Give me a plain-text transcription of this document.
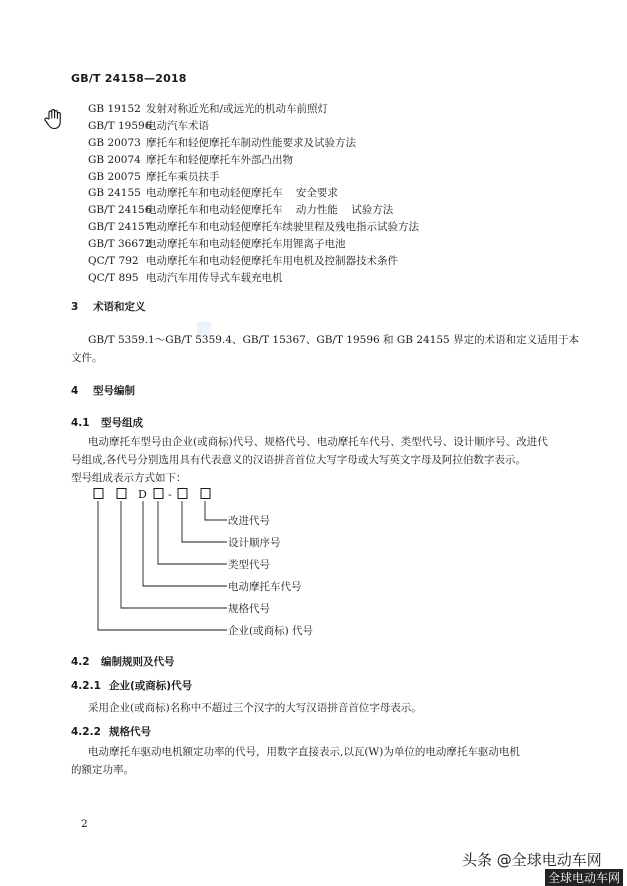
GB/T 24158—2018
GB 19152 发射对称近光和/或远光的机动车前照灯
GB/T 19596电动汽车术语
GB 20073 摩托车和轻便摩托车制动性能要求及试验方法
GB 20074 摩托车和轻便摩托车外部凸出物
GB 20075 摩托车乘员扶手
GB 24155 电动摩托车和电动轻便摩托车    安全要求
GB/T 24156电动摩托车和电动轻便摩托车    动力性能    试验方法
GB/T 24157电动摩托车和电动轻便摩托车续驶里程及残电指示试验方法
GB/T 36672电动摩托车和电动轻便摩托车用锂离子电池
QC/T 792 电动摩托车和电动轻便摩托车用电机及控制器技术条件
QC/T 895 电动汽车用传导式车载充电机
3 术语和定义
GB/T 5359.1～GB/T 5359.4、GB/T 15367、GB/T 19596 和 GB 24155 界定的术语和定义适用于本
文件。
4 型号编制
4.1 型号组成
电动摩托车型号由企业(或商标)代号、规格代号、电动摩托车代号、类型代号、设计顺序号、改进代
号组成,各代号分别选用具有代表意义的汉语拼音首位大写字母或大写英文字母及阿拉伯数字表示。
型号组成表示方式如下：
D -
改进代号
设计顺序号
类型代号
电动摩托车代号
规格代号
企业(或商标) 代号
4.2 编制规则及代号
4.2.1 企业(或商标)代号
采用企业(或商标)名称中不超过三个汉字的大写汉语拼音首位字母表示。
4.2.2 规格代号
电动摩托车驱动电机额定功率的代号，用数字直接表示,以瓦(W)为单位的电动摩托车驱动电机
的额定功率。
2
头条 @全球电动车网
全球电动车网
